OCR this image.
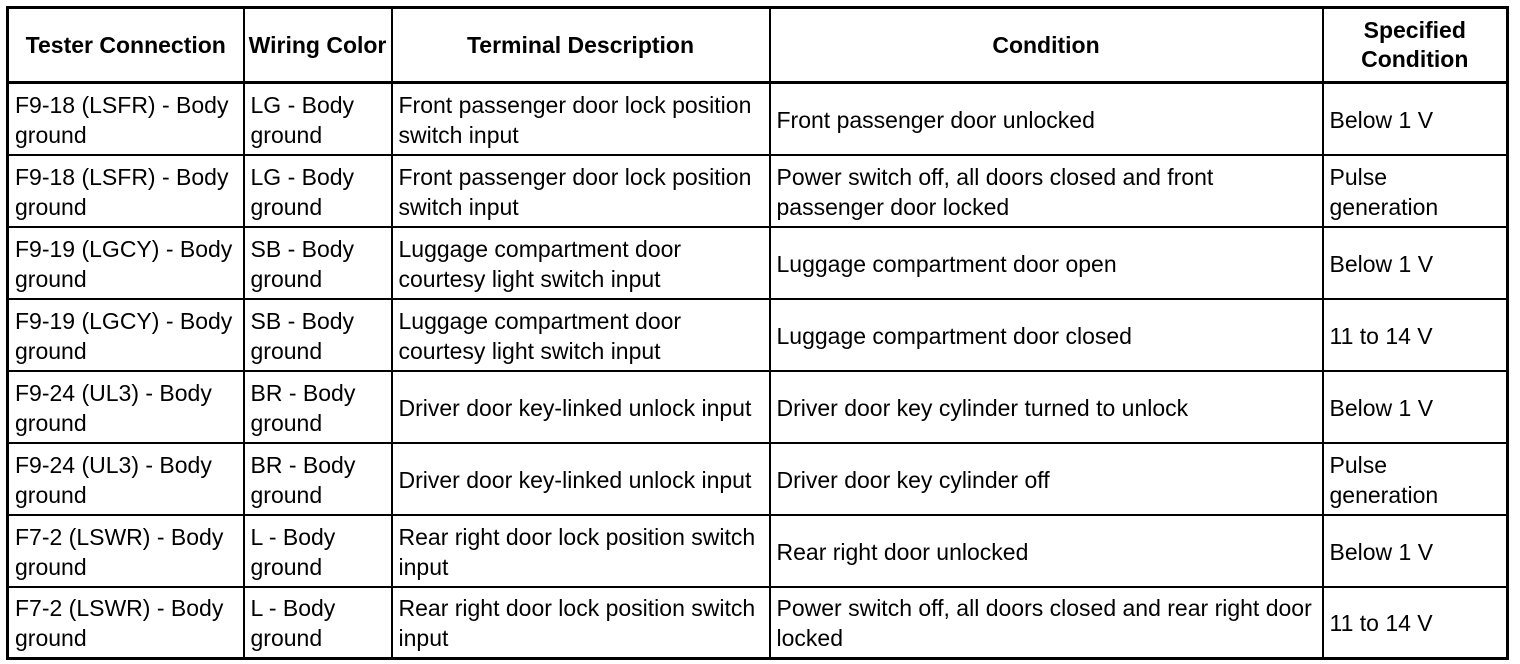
Tester Connection	Wiring Color	Terminal Description	Condition	Specified Condition
F9-18 (LSFR) - Body ground	LG - Body ground	Front passenger door lock position switch input	Front passenger door unlocked	Below 1 V
F9-18 (LSFR) - Body ground	LG - Body ground	Front passenger door lock position switch input	Power switch off, all doors closed and front passenger door locked	Pulse generation
F9-19 (LGCY) - Body ground	SB - Body ground	Luggage compartment door courtesy light switch input	Luggage compartment door open	Below 1 V
F9-19 (LGCY) - Body ground	SB - Body ground	Luggage compartment door courtesy light switch input	Luggage compartment door closed	11 to 14 V
F9-24 (UL3) - Body ground	BR - Body ground	Driver door key-linked unlock input	Driver door key cylinder turned to unlock	Below 1 V
F9-24 (UL3) - Body ground	BR - Body ground	Driver door key-linked unlock input	Driver door key cylinder off	Pulse generation
F7-2 (LSWR) - Body ground	L - Body ground	Rear right door lock position switch input	Rear right door unlocked	Below 1 V
F7-2 (LSWR) - Body ground	L - Body ground	Rear right door lock position switch input	Power switch off, all doors closed and rear right door locked	11 to 14 V
